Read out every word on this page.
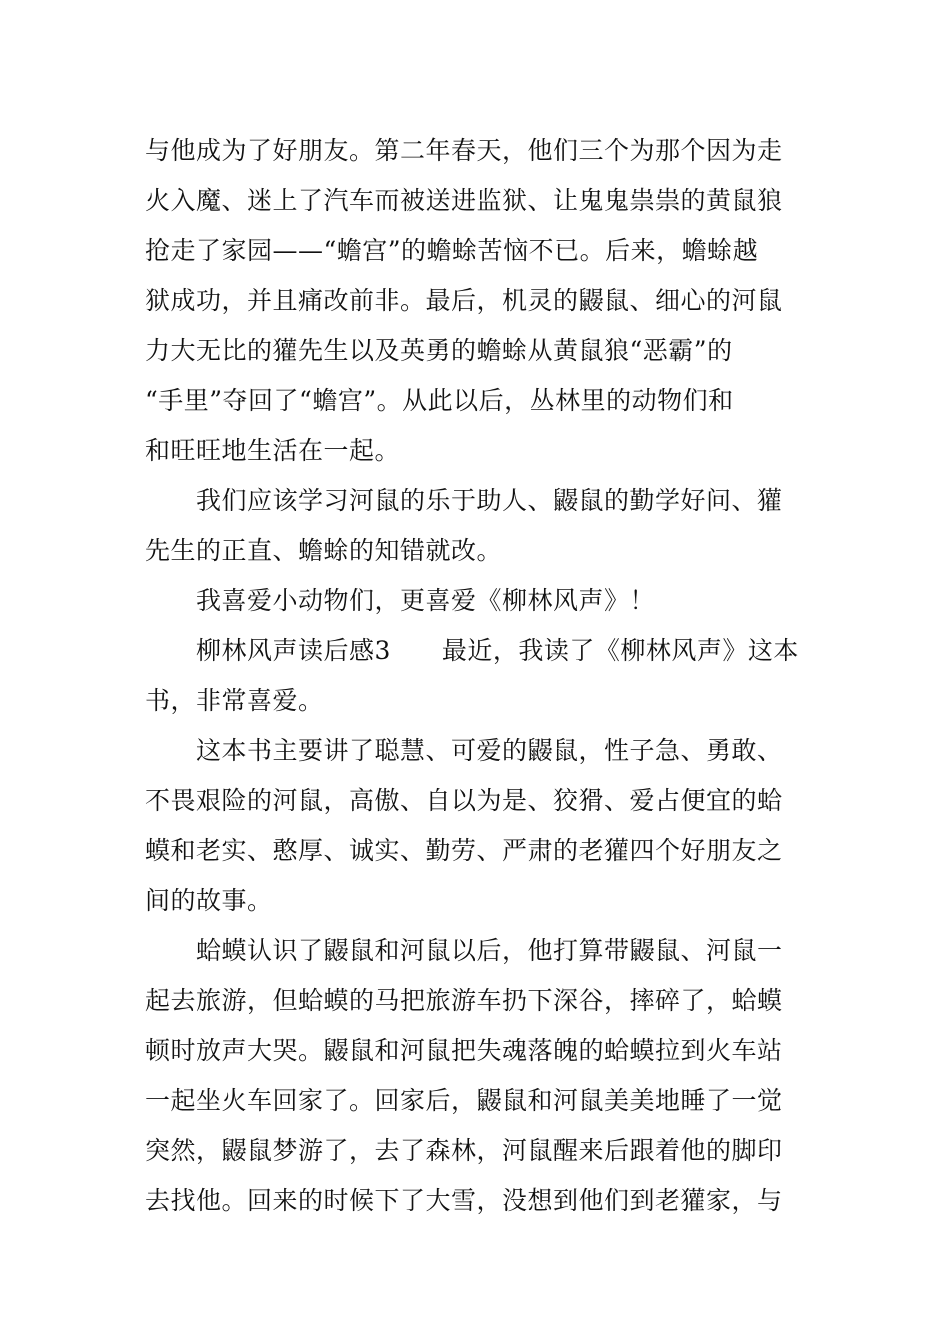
与他成为了好朋友。第二年春天，他们三个为那个因为走
火入魔、迷上了汽车而被送进监狱、让鬼鬼祟祟的黄鼠狼
抢走了家园——“蟾宫”的蟾蜍苦恼不已。后来，蟾蜍越
狱成功，并且痛改前非。最后，机灵的鼹鼠、细心的河鼠
力大无比的獾先生以及英勇的蟾蜍从黄鼠狼“恶霸”的
“手里”夺回了“蟾宫”。从此以后，丛林里的动物们和
和旺旺地生活在一起。
　　我们应该学习河鼠的乐于助人、鼹鼠的勤学好问、獾
先生的正直、蟾蜍的知错就改。
　　我喜爱小动物们，更喜爱《柳林风声》！
　　柳林风声读后感3　　最近，我读了《柳林风声》这本
书，非常喜爱。
　　这本书主要讲了聪慧、可爱的鼹鼠，性子急、勇敢、
不畏艰险的河鼠，高傲、自以为是、狡猾、爱占便宜的蛤
蟆和老实、憨厚、诚实、勤劳、严肃的老獾四个好朋友之
间的故事。
　　蛤蟆认识了鼹鼠和河鼠以后，他打算带鼹鼠、河鼠一
起去旅游，但蛤蟆的马把旅游车扔下深谷，摔碎了，蛤蟆
顿时放声大哭。鼹鼠和河鼠把失魂落魄的蛤蟆拉到火车站
一起坐火车回家了。回家后，鼹鼠和河鼠美美地睡了一觉
突然，鼹鼠梦游了，去了森林，河鼠醒来后跟着他的脚印
去找他。回来的时候下了大雪，没想到他们到老獾家，与
